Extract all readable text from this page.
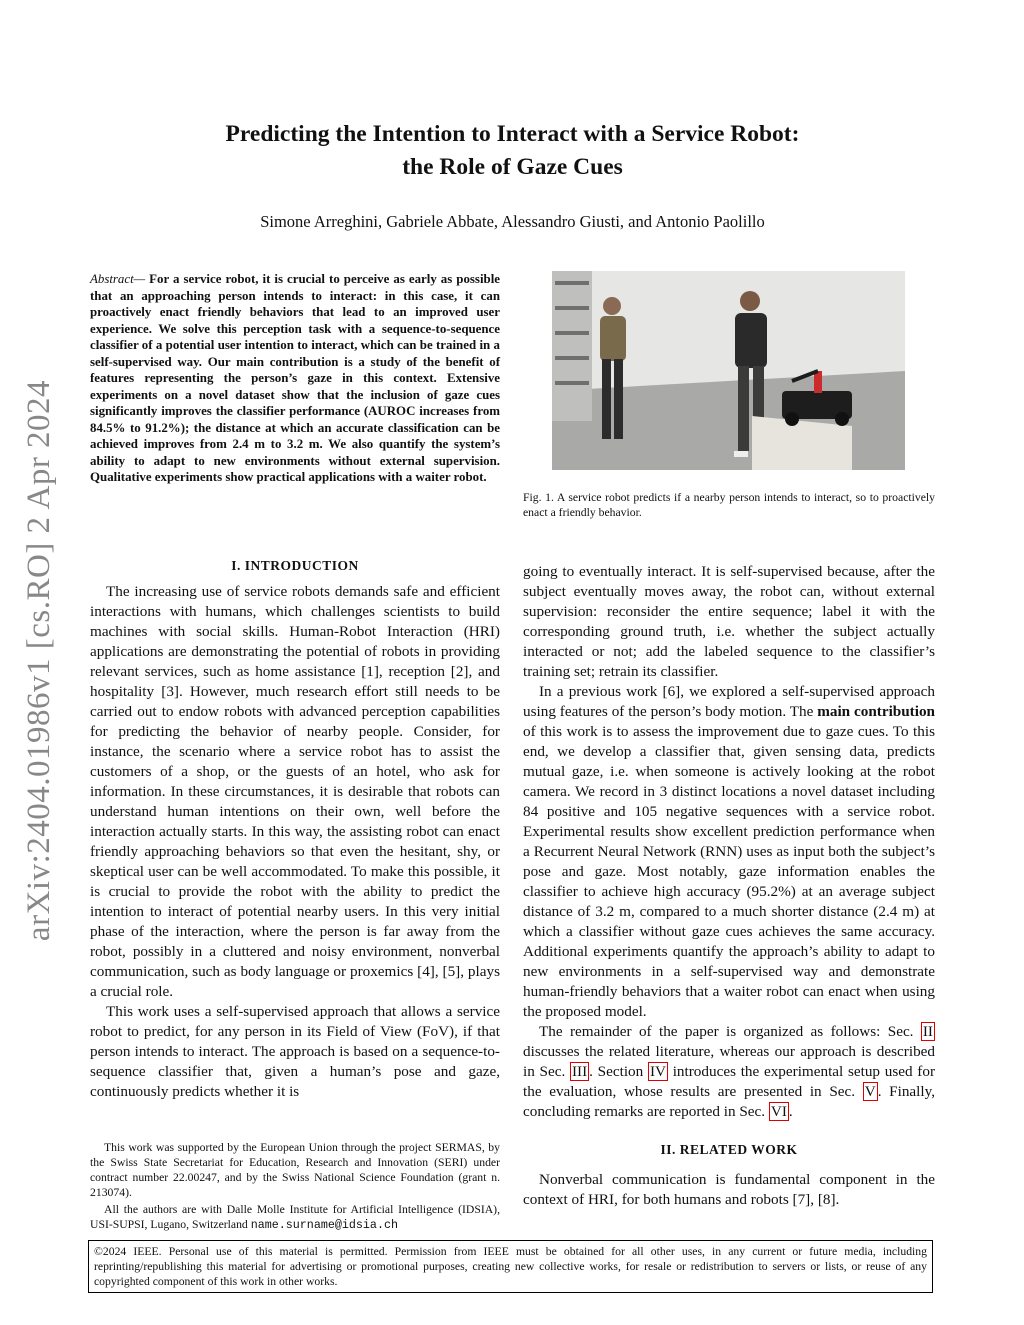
arXiv:2404.01986v1 [cs.RO] 2 Apr 2024
Predicting the Intention to Interact with a Service Robot:
the Role of Gaze Cues
Simone Arreghini, Gabriele Abbate, Alessandro Giusti, and Antonio Paolillo
Abstract— For a service robot, it is crucial to perceive as early as possible that an approaching person intends to interact: in this case, it can proactively enact friendly behaviors that lead to an improved user experience. We solve this perception task with a sequence-to-sequence classifier of a potential user intention to interact, which can be trained in a self-supervised way. Our main contribution is a study of the benefit of features representing the person’s gaze in this context. Extensive experiments on a novel dataset show that the inclusion of gaze cues significantly improves the classifier performance (AUROC increases from 84.5% to 91.2%); the distance at which an accurate classification can be achieved improves from 2.4 m to 3.2 m. We also quantify the system’s ability to adapt to new environments without external supervision. Qualitative experiments show practical applications with a waiter robot.
I. INTRODUCTION

The increasing use of service robots demands safe and efficient interactions with humans, which challenges scientists to build machines with social skills. Human-Robot Interaction (HRI) applications are demonstrating the potential of robots in providing relevant services, such as home assistance [1], reception [2], and hospitality [3]. However, much research effort still needs to be carried out to endow robots with advanced perception capabilities for predicting the behavior of nearby people. Consider, for instance, the scenario where a service robot has to assist the customers of a shop, or the guests of an hotel, who ask for information. In these circumstances, it is desirable that robots can understand human intentions on their own, well before the interaction actually starts. In this way, the assisting robot can enact friendly approaching behaviors so that even the hesitant, shy, or skeptical user can be well accommodated. To make this possible, it is crucial to provide the robot with the ability to predict the intention to interact of potential nearby users. In this very initial phase of the interaction, where the person is far away from the robot, possibly in a cluttered and noisy environment, nonverbal communication, such as body language or proxemics [4], [5], plays a crucial role.

This work uses a self-supervised approach that allows a service robot to predict, for any person in its Field of View (FoV), if that person intends to interact. The approach is based on a sequence-to-sequence classifier that, given a human’s pose and gaze, continuously predicts whether it is

This work was supported by the European Union through the project SERMAS, by the Swiss State Secretariat for Education, Research and Innovation (SERI) under contract number 22.00247, and by the Swiss National Science Foundation (grant n. 213074).

All the authors are with Dalle Molle Institute for Artificial Intelligence (IDSIA), USI-SUPSI, Lugano, Switzerland name.surname@idsia.ch

Fig. 1. A service robot predicts if a nearby person intends to interact, so to proactively enact a friendly behavior.

going to eventually interact. It is self-supervised because, after the subject eventually moves away, the robot can, without external supervision: reconsider the entire sequence; label it with the corresponding ground truth, i.e. whether the subject actually interacted or not; add the labeled sequence to the classifier’s training set; retrain its classifier.

In a previous work [6], we explored a self-supervised approach using features of the person’s body motion. The main contribution of this work is to assess the improvement due to gaze cues. To this end, we develop a classifier that, given sensing data, predicts mutual gaze, i.e. when someone is actively looking at the robot camera. We record in 3 distinct locations a novel dataset including 84 positive and 105 negative sequences with a service robot. Experimental results show excellent prediction performance when a Recurrent Neural Network (RNN) uses as input both the subject’s pose and gaze. Most notably, gaze information enables the classifier to achieve high accuracy (95.2%) at an average subject distance of 3.2 m, compared to a much shorter distance (2.4 m) at which a classifier without gaze cues achieves the same accuracy. Additional experiments quantify the approach’s ability to adapt to new environments in a self-supervised way and demonstrate human-friendly behaviors that a waiter robot can enact when using the proposed model.

The remainder of the paper is organized as follows: Sec. II discusses the related literature, whereas our approach is described in Sec. III . Section IV introduces the experimental setup used for the evaluation, whose results are presented in Sec. V . Finally, concluding remarks are reported in Sec. VI .

II. RELATED WORK

Nonverbal communication is fundamental component in the context of HRI, for both humans and robots [7], [8].

©2024 IEEE. Personal use of this material is permitted. Permission from IEEE must be obtained for all other uses, in any current or future media, including reprinting/republishing this material for advertising or promotional purposes, creating new collective works, for resale or redistribution to servers or lists, or reuse of any copyrighted component of this work in other works.
